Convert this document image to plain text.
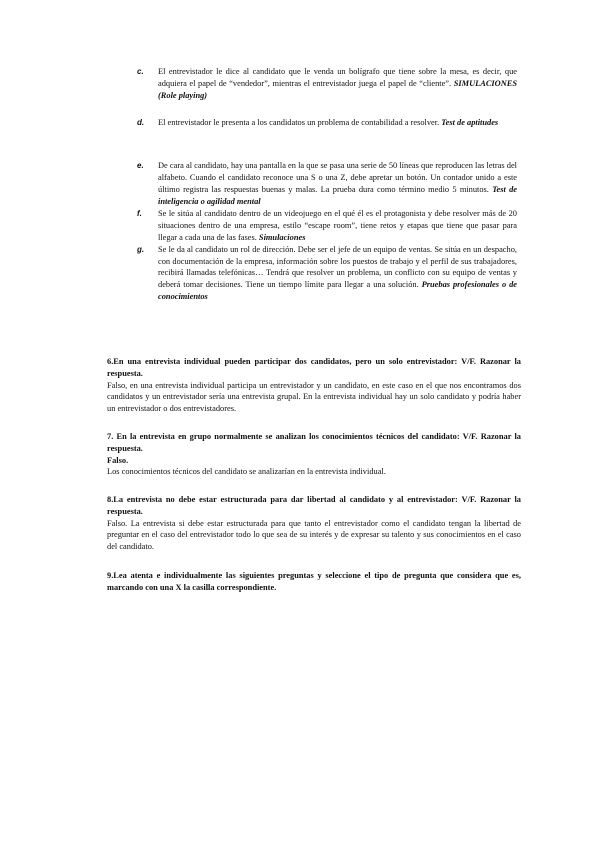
c.	El entrevistador le dice al candidato que le venda un bolígrafo que tiene sobre la mesa, es decir, que adquiera el papel de “vendedor”, mientras el entrevistador juega el papel de “cliente”. SIMULACIONES (Role playing)
d.	El entrevistador le presenta a los candidatos un problema de contabilidad a resolver. Test de aptitudes
e.	De cara al candidato, hay una pantalla en la que se pasa una serie de 50 líneas que reproducen las letras del alfabeto. Cuando el candidato reconoce una S o una Z, debe apretar un botón. Un contador unido a este último registra las respuestas buenas y malas. La prueba dura como término medio 5 minutos. Test de inteligencia o agilidad mental
f.	Se le sitúa al candidato dentro de un videojuego en el qué él es el protagonista y debe resolver más de 20 situaciones dentro de una empresa, estilo “escape room”, tiene retos y etapas que tiene que pasar para llegar a cada una de las fases. Simulaciones
g.	Se le da al candidato un rol de dirección. Debe ser el jefe de un equipo de ventas. Se sitúa en un despacho, con documentación de la empresa, información sobre los puestos de trabajo y el perfil de sus trabajadores, recibirá llamadas telefónicas… Tendrá que resolver un problema, un conflicto con su equipo de ventas y deberá tomar decisiones. Tiene un tiempo límite para llegar a una solución. Pruebas profesionales o de conocimientos
6.En una entrevista individual pueden participar dos candidatos, pero un solo entrevistador: V/F. Razonar la respuesta.
Falso, en una entrevista individual participa un entrevistador y un candidato, en este caso en el que nos encontramos dos candidatos y un entrevistador sería una entrevista grupal. En la entrevista individual hay un solo candidato y podría haber un entrevistador o dos entrevistadores.
7. En la entrevista en grupo normalmente se analizan los conocimientos técnicos del candidato: V/F. Razonar la respuesta.
Falso.
Los conocimientos técnicos del candidato se analizarían en la entrevista individual.
8.La entrevista no debe estar estructurada para dar libertad al candidato y al entrevistador: V/F. Razonar la respuesta.
Falso. La entrevista si debe estar estructurada para que tanto el entrevistador como el candidato tengan la libertad de preguntar en el caso del entrevistador todo lo que sea de su interés y de expresar su talento y sus conocimientos en el caso del candidato.
9.Lea atenta e individualmente las siguientes preguntas y seleccione el tipo de pregunta que considera que es, marcando con una X la casilla correspondiente.
